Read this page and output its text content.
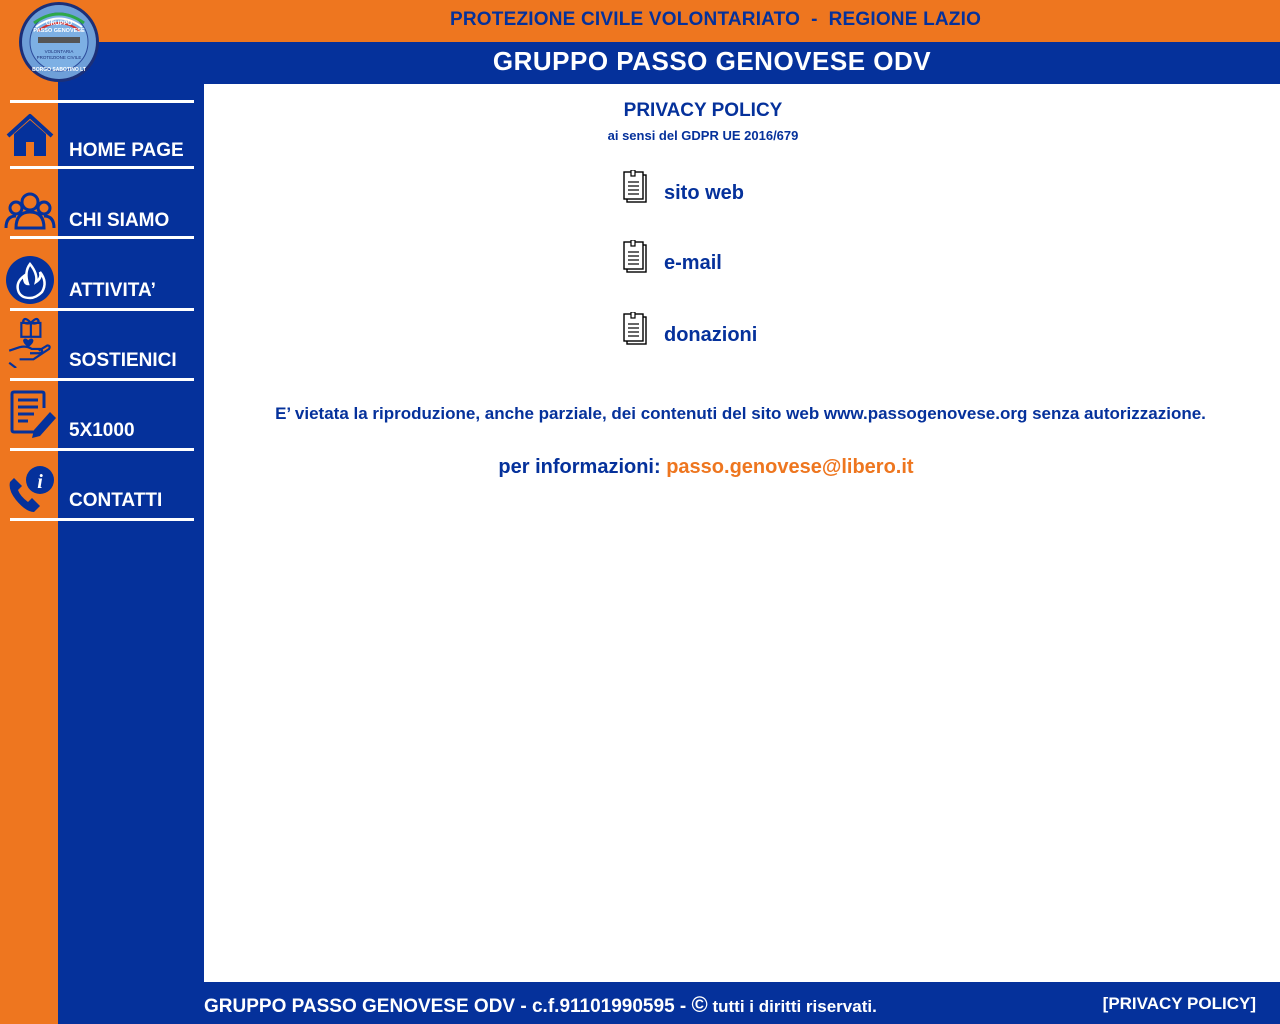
PROTEZIONE CIVILE VOLONTARIATO  -  REGIONE LAZIO
GRUPPO PASSO GENOVESE ODV
GRUPPO
PASSO GENOVESE
VOLONTARIA
PROTEZIONE CIVILE
BORGO SABOTINO LT
HOME PAGE
CHI SIAMO
ATTIVITA’
SOSTIENICI
5X1000
i
CONTATTI
PRIVACY POLICY
ai sensi del GDPR UE 2016/679
sito web
e-mail
donazioni
E’ vietata la riproduzione, anche parziale, dei contenuti del sito web www.passogenovese.org senza autorizzazione.
per informazioni: passo.genovese@libero.it
GRUPPO PASSO GENOVESE ODV - c.f.91101990595 - © tutti i diritti riservati.	[PRIVACY POLICY]
